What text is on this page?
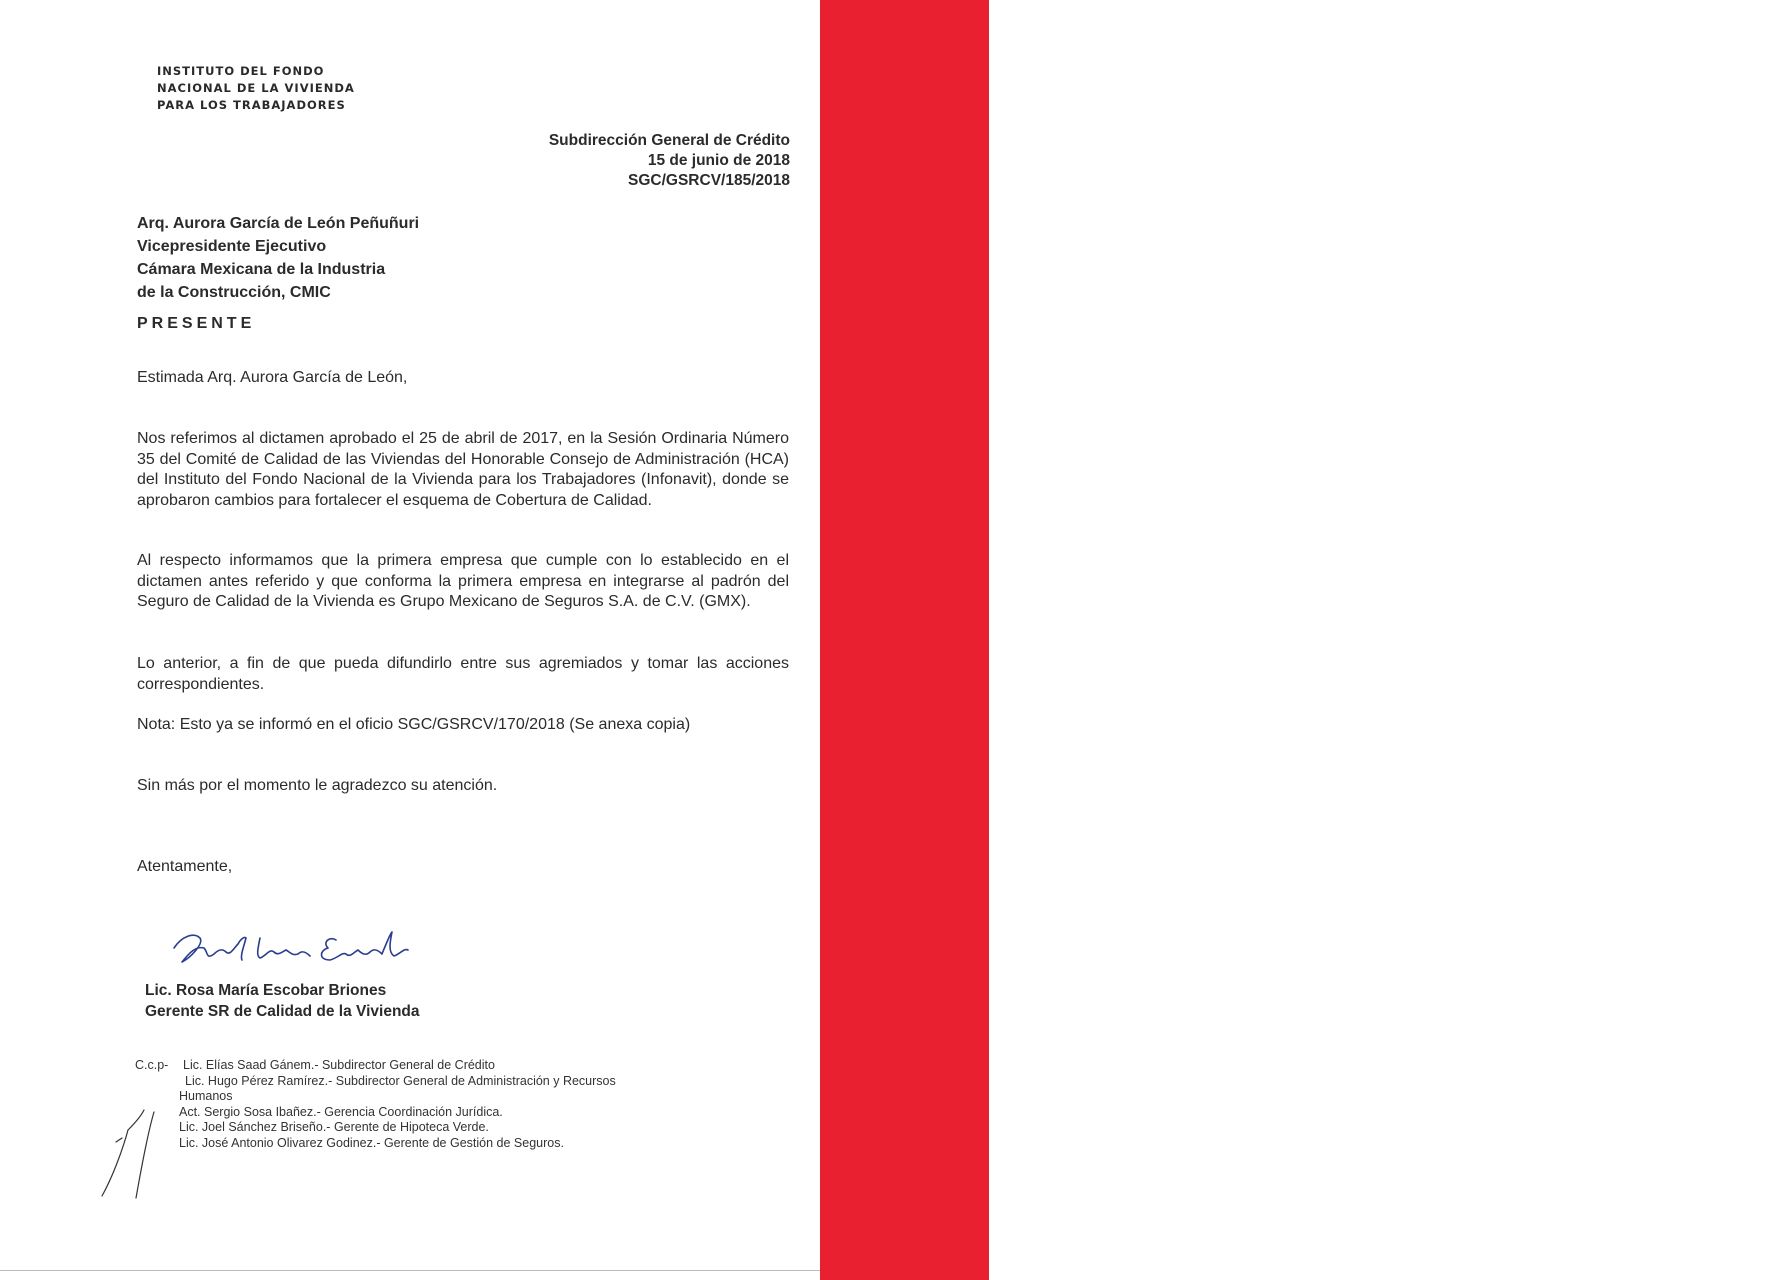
INFONAVIT
INSTITUTO DEL FONDO
NACIONAL DE LA VIVIENDA
PARA LOS TRABAJADORES
Subdirección General de Crédito
15 de junio de 2018
SGC/GSRCV/185/2018
Arq. Aurora García de León Peñuñuri
Vicepresidente Ejecutivo
Cámara Mexicana de la Industria
de la Construcción, CMIC
PRESENTE
Estimada Arq. Aurora García de León,
Nos referimos al dictamen aprobado el 25 de abril de 2017, en la Sesión Ordinaria Número 35 del Comité de Calidad de las Viviendas del Honorable Consejo de Administración (HCA) del Instituto del Fondo Nacional de la Vivienda para los Trabajadores (Infonavit), donde se aprobaron cambios para fortalecer el esquema de Cobertura de Calidad.
Al respecto informamos que la primera empresa que cumple con lo establecido en el dictamen antes referido y que conforma la primera empresa en integrarse al padrón del Seguro de Calidad de la Vivienda es Grupo Mexicano de Seguros S.A. de C.V. (GMX).
Lo anterior, a fin de que pueda difundirlo entre sus agremiados y tomar las acciones correspondientes.
Nota: Esto ya se informó en el oficio SGC/GSRCV/170/2018 (Se anexa copia)
Sin más por el momento le agradezco su atención.
Atentamente,
Lic. Rosa María Escobar Briones
Gerente SR de Calidad de la Vivienda
C.c.p-	Lic. Elías Saad Gánem.- Subdirector General de Crédito
Lic. Hugo Pérez Ramírez.- Subdirector General de Administración y Recursos
Humanos
Act. Sergio Sosa Ibañez.- Gerencia Coordinación Jurídica.
Lic. Joel Sánchez Briseño.- Gerente de Hipoteca Verde.
Lic. José Antonio Olivarez Godinez.- Gerente de Gestión de Seguros.
